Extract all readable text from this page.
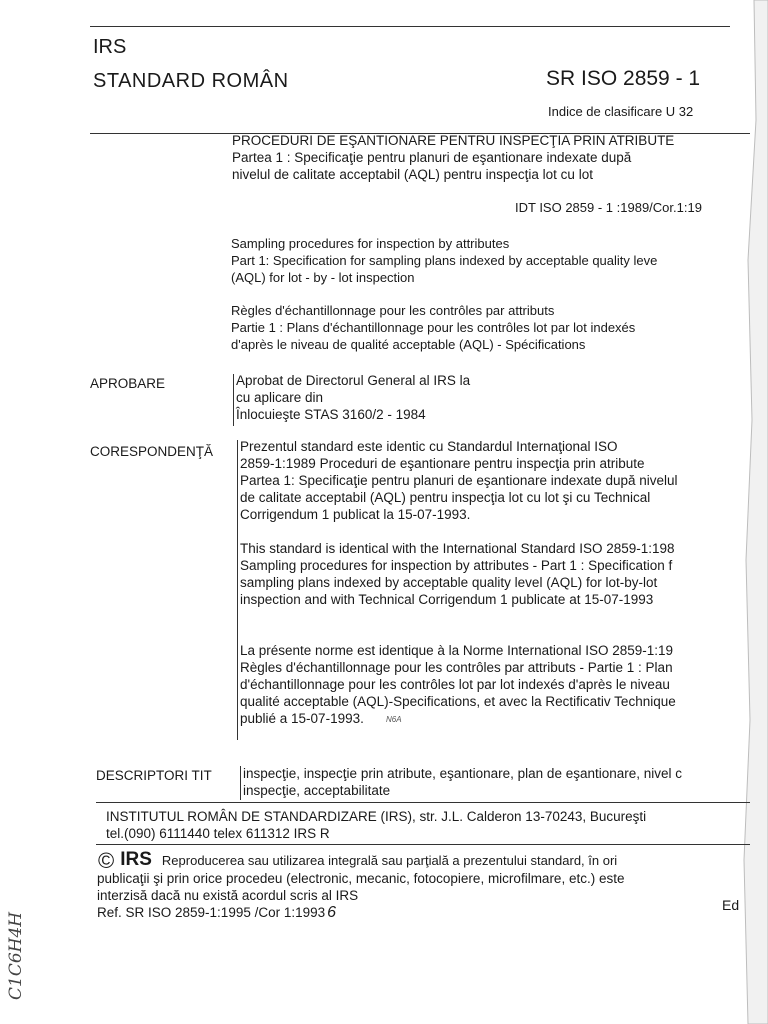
IRS
STANDARD ROMÂN	SR ISO 2859 - 1
Indice de clasificare U 32
PROCEDURI DE EŞANTIONARE PENTRU INSPECŢIA PRIN ATRIBUTE
Partea 1 : Specificaţie pentru planuri de eşantionare indexate după
nivelul de calitate acceptabil (AQL) pentru inspecţia lot cu lot
IDT ISO 2859 - 1 :1989/Cor.1:19
Sampling procedures for inspection by attributes
Part 1: Specification for sampling plans indexed by acceptable quality leve
(AQL) for lot - by - lot inspection
Règles d'échantillonnage pour les contrôles par attributs
Partie 1 : Plans d'échantillonnage pour les contrôles lot par lot indexés
d'après le niveau de qualité acceptable (AQL) - Spécifications
APROBARE	Aprobat de Directorul General al IRS la
cu aplicare din
Înlocuieşte STAS 3160/2 - 1984
CORESPONDENŢĂ Prezentul standard este identic cu Standardul Internaţional ISO
2859-1:1989 Proceduri de eşantionare pentru inspecţia prin atribute
Partea 1: Specificaţie pentru planuri de eşantionare indexate după nivelul
de calitate acceptabil (AQL) pentru inspecţia lot cu lot şi cu Technical
Corrigendum 1 publicat la 15-07-1993.

This standard is identical with the International Standard ISO 2859-1:198
Sampling procedures for inspection by attributes - Part 1 : Specification f
sampling plans indexed by acceptable quality level (AQL) for lot-by-lot
inspection and with Technical Corrigendum 1 publicate at 15-07-1993

La présente norme est identique à la Norme International ISO 2859-1:19
Règles d'échantillonnage pour les contrôles par attributs - Partie 1 : Plan
d'échantillonnage pour les contrôles lot par lot indexés d'après le niveau
qualité acceptable (AQL)-Specifications, et avec la Rectificativ Technique
publié a 15-07-1993.	N6A
DESCRIPTORI TIT inspecţie, inspecţie prin atribute, eşantionare, plan de eşantionare, nivel c
inspecţie, acceptabilitate
INSTITUTUL ROMÂN DE STANDARDIZARE (IRS), str. J.L. Calderon 13-70243, Bucureşti
tel.(090) 6111440 telex 611312 IRS R
© IRS Reproducerea sau utilizarea integrală sau parţială a prezentului standard, în ori
publicaţii şi prin orice procedeu (electronic, mecanic, fotocopiere, microfilmare, etc.) este
interzisă dacă nu există acordul scris al IRS
Ref. SR ISO 2859-1:1995 /Cor 1:1993 6	Ed
C1C6H4H
